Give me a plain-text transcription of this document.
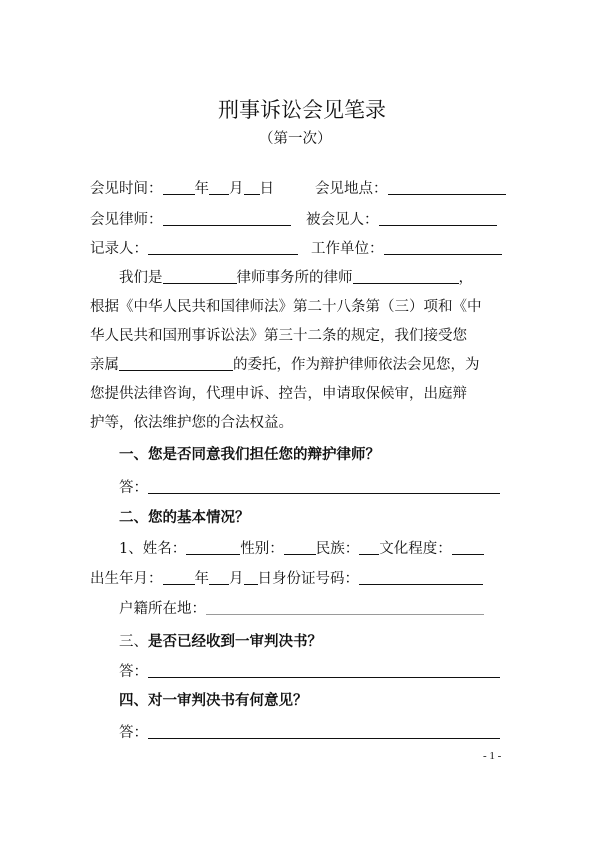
刑事诉讼会见笔录
（第一次）
会见时间： 年 月 日	会见地点：
会见律师：	被会见人：
记录人：	工作单位：
我们是	律师事务所的律师	，
根据《中华人民共和国律师法》第二十八条第（三）项和《中
华人民共和国刑事诉讼法》第三十二条的规定，我们接受您
亲属	的委托，作为辩护律师依法会见您，为
您提供法律咨询，代理申诉、控告，申请取保候审，出庭辩
护等，依法维护您的合法权益。
一、您是否同意我们担任您的辩护律师？
答：
二、您的基本情况？
1、姓名：	性别： 民族： 文化程度：
出生年月： 年 月 日身份证号码：
户籍所在地：
三、是否已经收到一审判决书？
答：
四、对一审判决书有何意见？
答：
- 1 -
